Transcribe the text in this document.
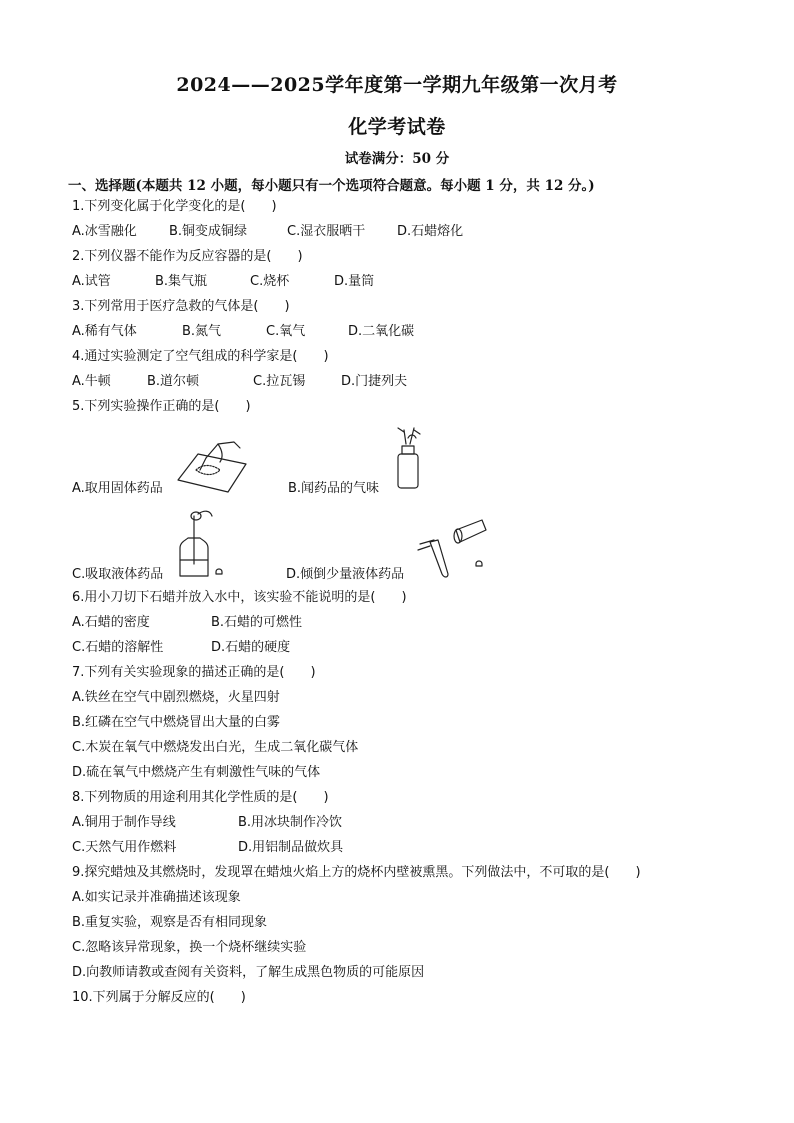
2024——2025学年度第一学期九年级第一次月考
化学考试卷
试卷满分：50 分
一、选择题(本题共 12 小题，每小题只有一个选项符合题意。每小题 1 分，共 12 分。)
1.下列变化属于化学变化的是(　　)
A.冰雪融化 B.铜变成铜绿	C.湿衣服晒干 D.石蜡熔化
2.下列仪器不能作为反应容器的是(　　)
A.试管	B.集气瓶	C.烧杯	D.量筒
3.下列常用于医疗急救的气体是(　　)
A.稀有气体	B.氮气	C.氧气	D.二氧化碳
4.通过实验测定了空气组成的科学家是(　　)
A.牛顿	B.道尔顿	C.拉瓦锡	D.门捷列夫
5.下列实验操作正确的是(　　)
A.取用固体药品	B.闻药品的气味
C.吸取液体药品	D.倾倒少量液体药品
6.用小刀切下石蜡并放入水中，该实验不能说明的是(　　)
A.石蜡的密度	B.石蜡的可燃性
C.石蜡的溶解性	D.石蜡的硬度
7.下列有关实验现象的描述正确的是(　　)
A.铁丝在空气中剧烈燃烧，火星四射
B.红磷在空气中燃烧冒出大量的白雾
C.木炭在氧气中燃烧发出白光，生成二氧化碳气体
D.硫在氧气中燃烧产生有刺激性气味的气体
8.下列物质的用途利用其化学性质的是(　　)
A.铜用于制作导线	B.用冰块制作冷饮
C.天然气用作燃料	D.用铝制品做炊具
9.探究蜡烛及其燃烧时，发现罩在蜡烛火焰上方的烧杯内壁被熏黑。下列做法中，不可取的是(　　)
A.如实记录并准确描述该现象
B.重复实验，观察是否有相同现象
C.忽略该异常现象，换一个烧杯继续实验
D.向教师请教或查阅有关资料，了解生成黑色物质的可能原因
10.下列属于分解反应的(　　)
